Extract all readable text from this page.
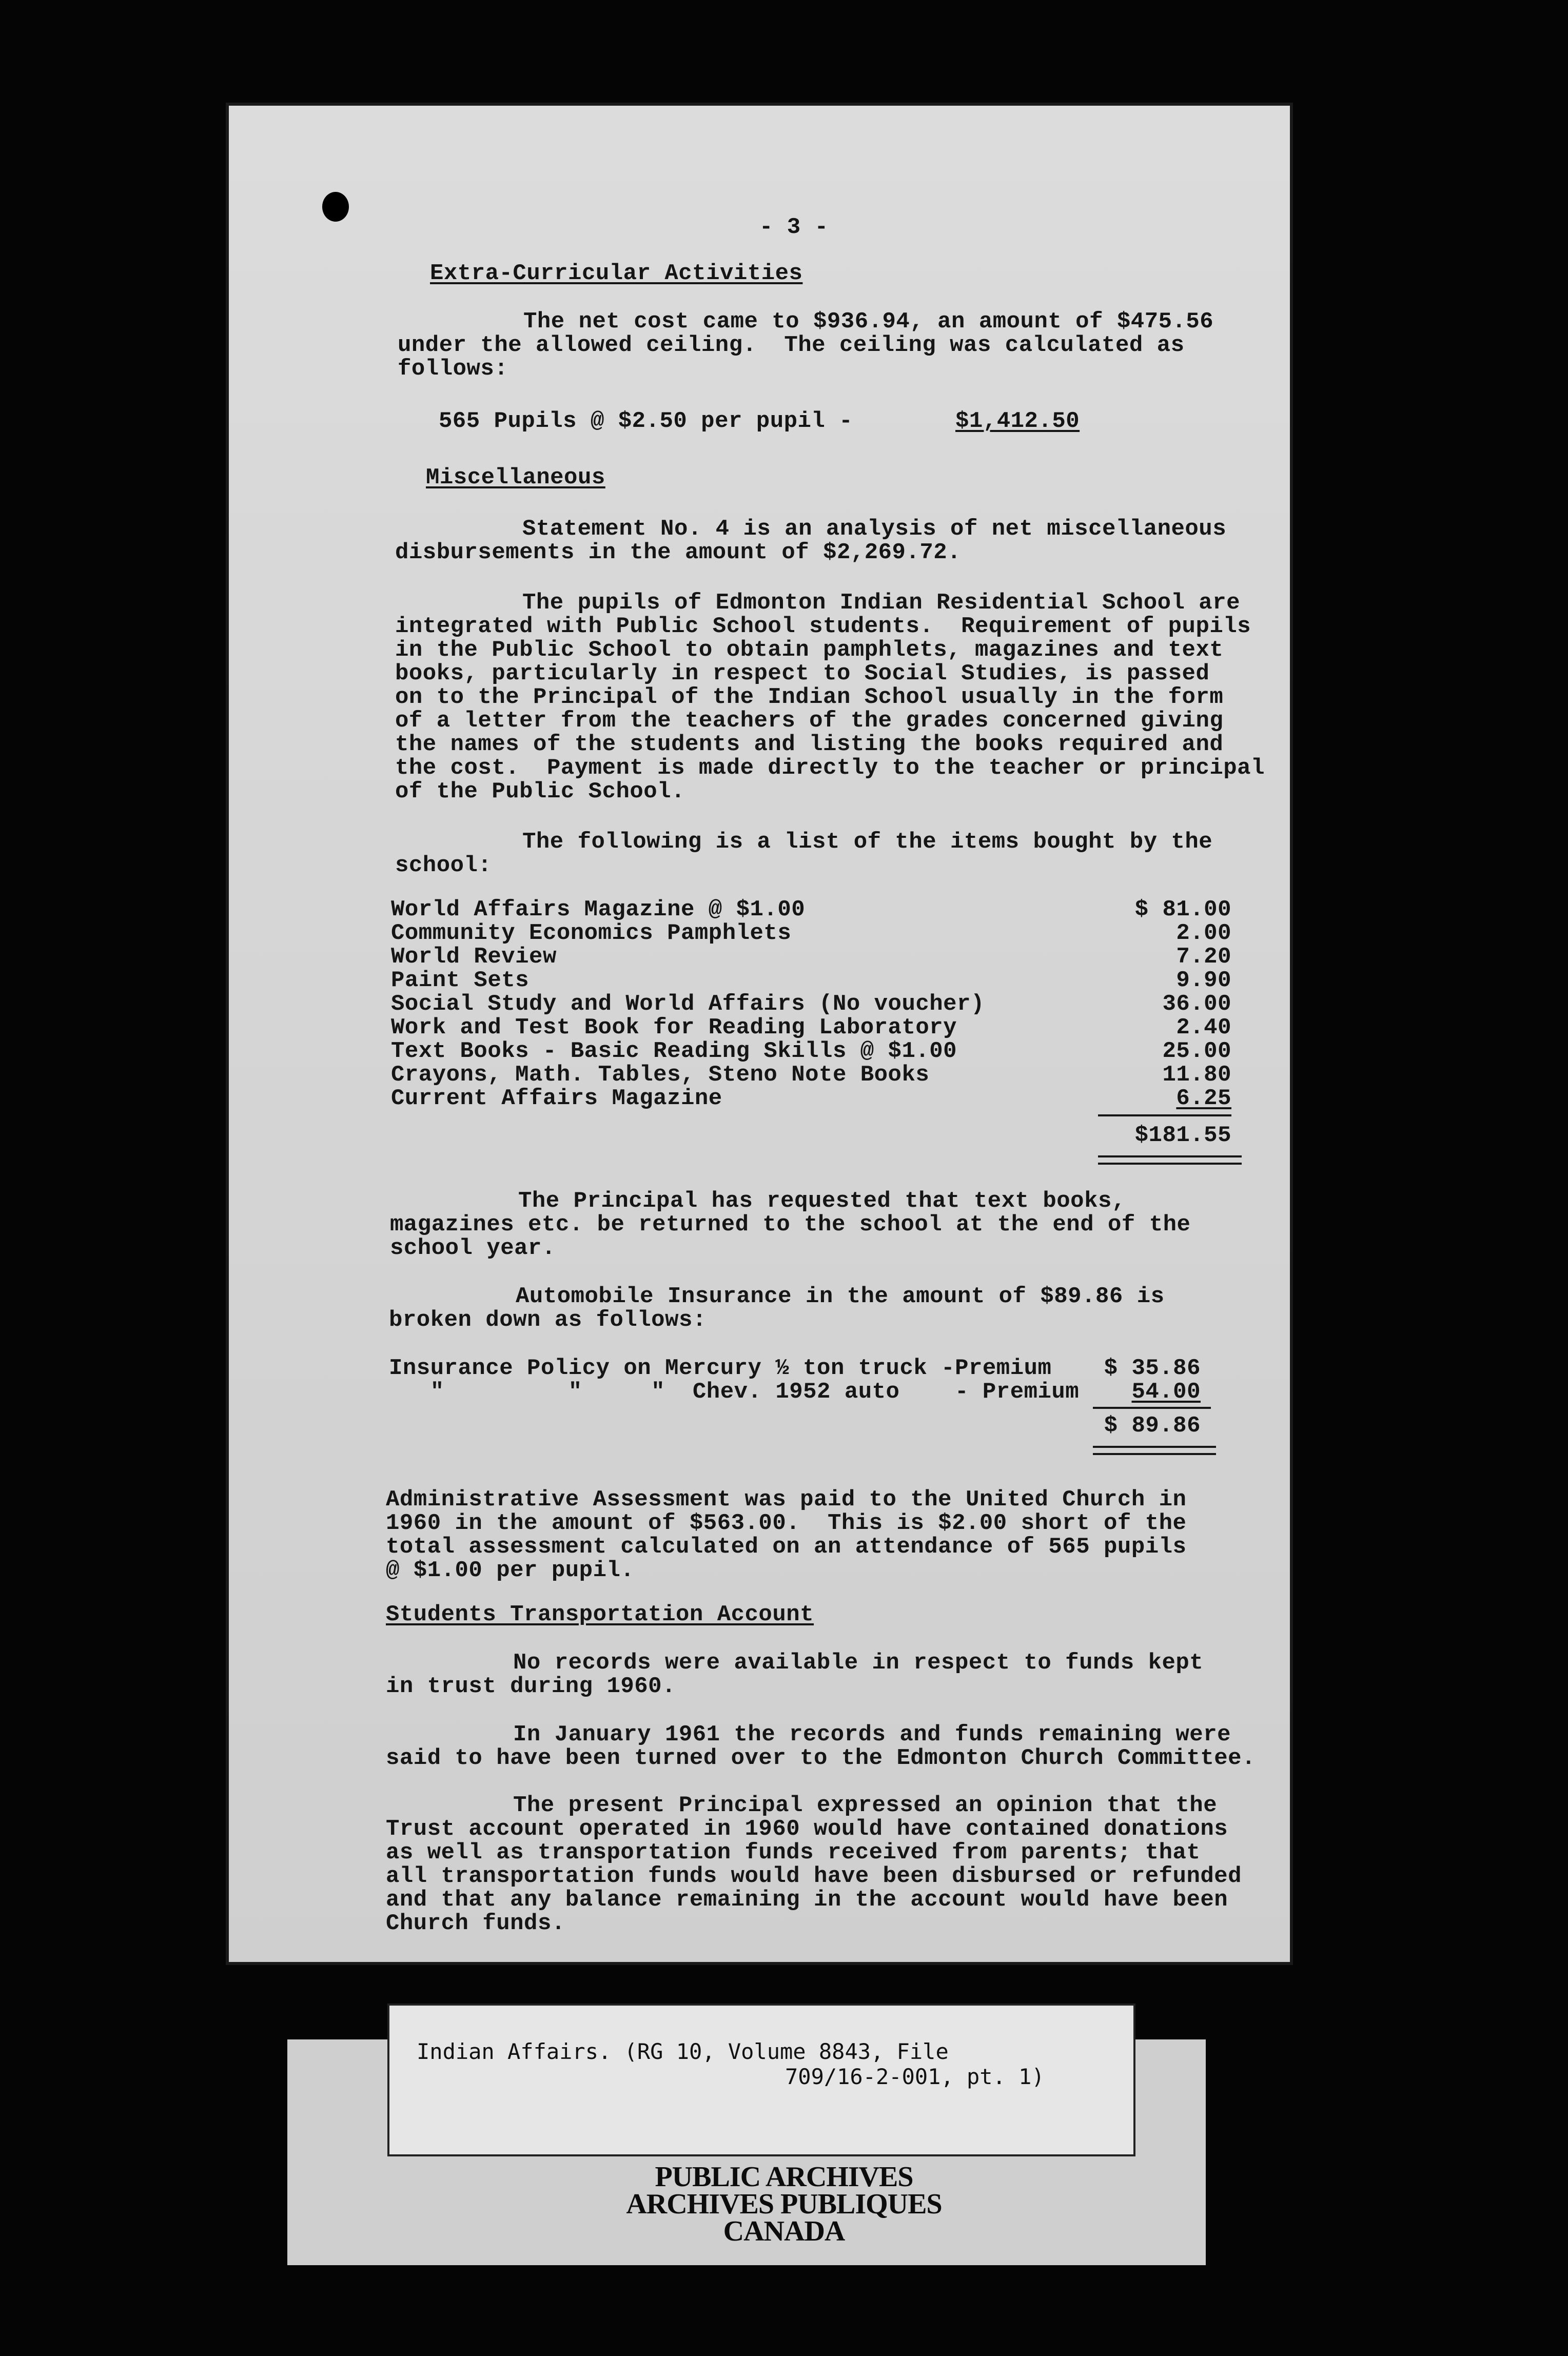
- 3 -
Extra-Curricular Activities
The net cost came to $936.94, an amount of $475.56
under the allowed ceiling.  The ceiling was calculated as
follows:
565 Pupils @ $2.50 per pupil -	$1,412.50
Miscellaneous
Statement No. 4 is an analysis of net miscellaneous
disbursements in the amount of $2,269.72.
The pupils of Edmonton Indian Residential School are
integrated with Public School students.  Requirement of pupils
in the Public School to obtain pamphlets, magazines and text
books, particularly in respect to Social Studies, is passed
on to the Principal of the Indian School usually in the form
of a letter from the teachers of the grades concerned giving
the names of the students and listing the books required and
the cost.  Payment is made directly to the teacher or principal
of the Public School.
The following is a list of the items bought by the
school:
World Affairs Magazine @ $1.00	$ 81.00
Community Economics Pamphlets	2.00
World Review	7.20
Paint Sets	9.90
Social Study and World Affairs (No voucher)	36.00
Work and Test Book for Reading Laboratory	2.40
Text Books - Basic Reading Skills @ $1.00	25.00
Crayons, Math. Tables, Steno Note Books	11.80
Current Affairs Magazine	6.25
$181.55
The Principal has requested that text books,
magazines etc. be returned to the school at the end of the
school year.
Automobile Insurance in the amount of $89.86 is
broken down as follows:
Insurance Policy on Mercury ½ ton truck -Premium	$ 35.86
"         "     "  Chev. 1952 auto    - Premium	54.00
$ 89.86
Administrative Assessment was paid to the United Church in
1960 in the amount of $563.00.  This is $2.00 short of the
total assessment calculated on an attendance of 565 pupils
@ $1.00 per pupil.
Students Transportation Account
No records were available in respect to funds kept
in trust during 1960.
In January 1961 the records and funds remaining were
said to have been turned over to the Edmonton Church Committee.
The present Principal expressed an opinion that the
Trust account operated in 1960 would have contained donations
as well as transportation funds received from parents; that
all transportation funds would have been disbursed or refunded
and that any balance remaining in the account would have been
Church funds.
Indian Affairs. (RG 10, Volume 8843, File
709/16-2-001, pt. 1)
PUBLIC ARCHIVES
ARCHIVES PUBLIQUES
CANADA
